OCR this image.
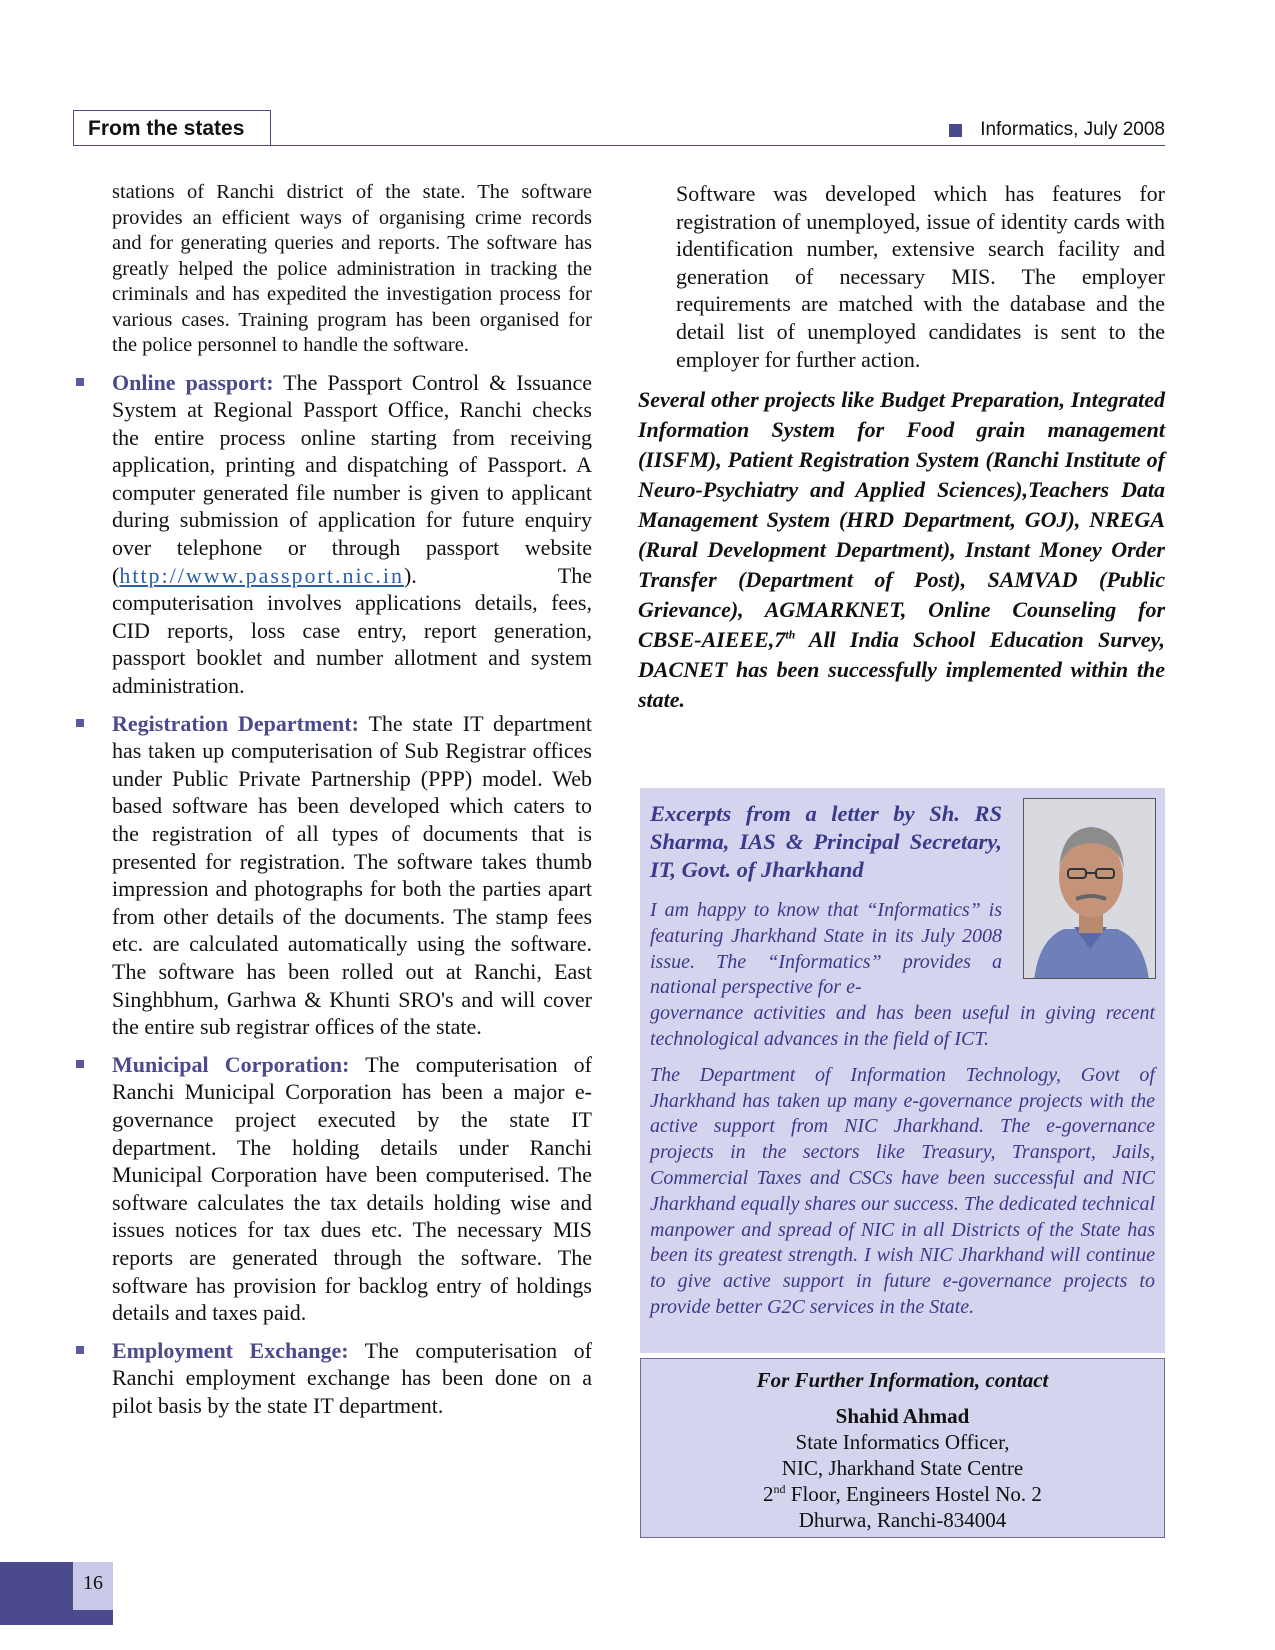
From the states	Informatics, July 2008

stations of Ranchi district of the state. The software provides an efficient ways of organising crime records and for generating queries and reports. The software has greatly helped the police administration in tracking the criminals and has expedited the investigation process for various cases. Training program has been organised for the police personnel to handle the software.

Online passport: The Passport Control & Issuance System at Regional Passport Office, Ranchi checks the entire process online starting from receiving application, printing and dispatching of Passport. A computer generated file number is given to applicant during submission of application for future enquiry over telephone or through passport website (http://www.passport.nic.in). The computerisation involves applications details, fees, CID reports, loss case entry, report generation, passport booklet and number allotment and system administration.

Registration Department: The state IT department has taken up computerisation of Sub Registrar offices under Public Private Partnership (PPP) model. Web based software has been developed which caters to the registration of all types of documents that is presented for registration. The software takes thumb impression and photographs for both the parties apart from other details of the documents. The stamp fees etc. are calculated automatically using the software. The software has been rolled out at Ranchi, East Singhbhum, Garhwa & Khunti SRO's and will cover the entire sub registrar offices of the state.

Municipal Corporation: The computerisation of Ranchi Municipal Corporation has been a major e-governance project executed by the state IT department. The holding details under Ranchi Municipal Corporation have been computerised. The software calculates the tax details holding wise and issues notices for tax dues etc. The necessary MIS reports are generated through the software. The software has provision for backlog entry of holdings details and taxes paid.

Employment Exchange: The computerisation of Ranchi employment exchange has been done on a pilot basis by the state IT department.

Software was developed which has features for registration of unemployed, issue of identity cards with identification number, extensive search facility and generation of necessary MIS. The employer requirements are matched with the database and the detail list of unemployed candidates is sent to the employer for further action.

Several other projects like Budget Preparation, Integrated Information System for Food grain management (IISFM), Patient Registration System (Ranchi Institute of Neuro-Psychiatry and Applied Sciences),Teachers Data Management System (HRD Department, GOJ), NREGA (Rural Development Department), Instant Money Order Transfer (Department of Post), SAMVAD (Public Grievance), AGMARKNET, Online Counseling for CBSE-AIEEE,7th All India School Education Survey, DACNET has been successfully implemented within the state.

Excerpts from a letter by Sh. RS Sharma, IAS & Principal Secretary, IT, Govt. of Jharkhand

I am happy to know that “Informatics” is featuring Jharkhand State in its July 2008 issue. The “Informatics” provides a national perspective for e-

governance activities and has been useful in giving recent technological advances in the field of ICT.

The Department of Information Technology, Govt of Jharkhand has taken up many e-governance projects with the active support from NIC Jharkhand. The e-governance projects in the sectors like Treasury, Transport, Jails, Commercial Taxes and CSCs have been successful and NIC Jharkhand equally shares our success. The dedicated technical manpower and spread of NIC in all Districts of the State has been its greatest strength. I wish NIC Jharkhand will continue to give active support in future e-governance projects to provide better G2C services in the State.

For Further Information, contact
Shahid Ahmad
State Informatics Officer,
NIC, Jharkhand State Centre
2nd Floor, Engineers Hostel No. 2
Dhurwa, Ranchi-834004
16
